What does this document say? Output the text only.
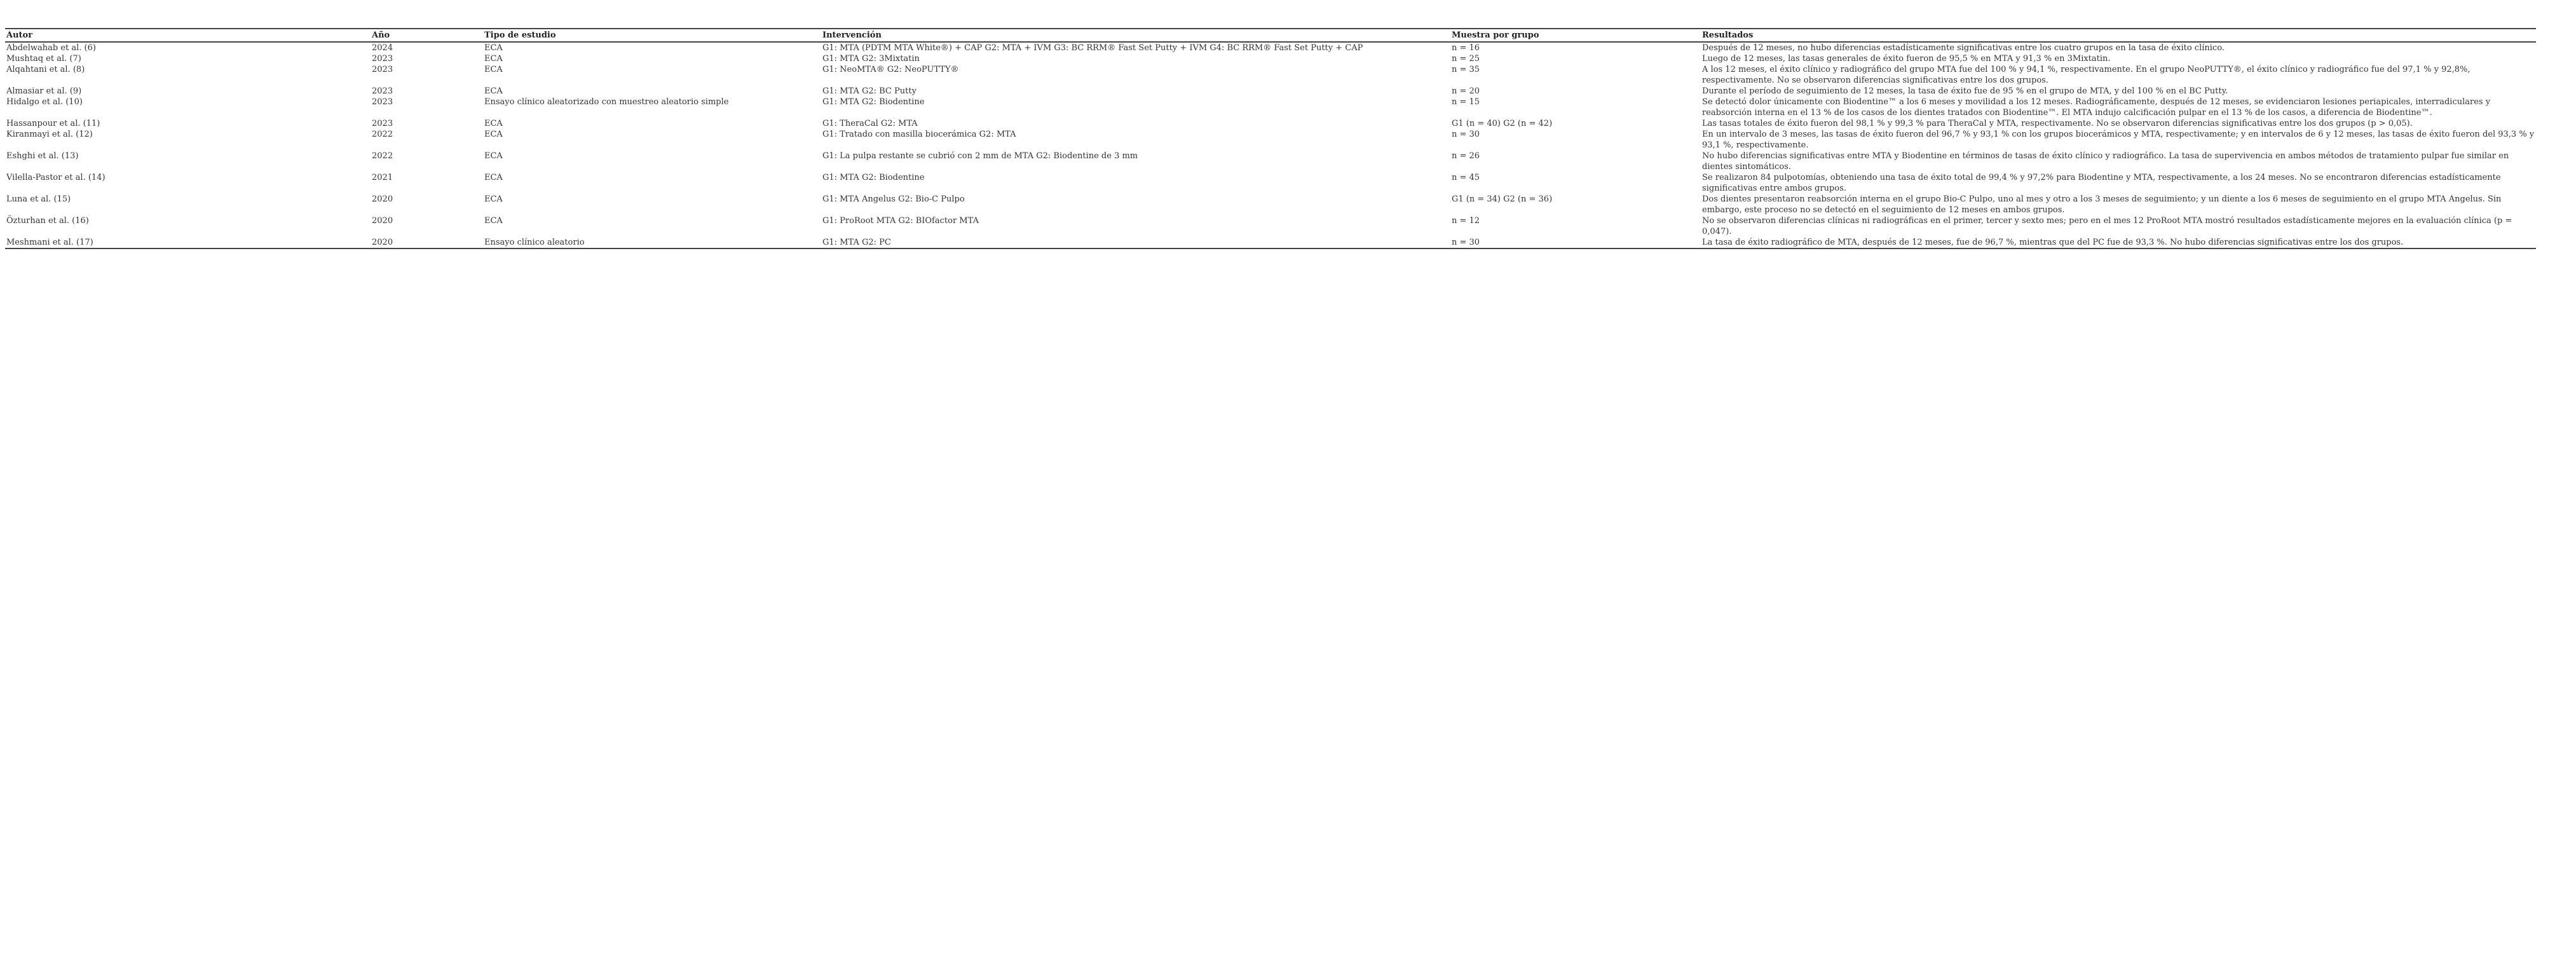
Autor	Año	Tipo de estudio	Intervención	Muestra por grupo	Resultados
Abdelwahab et al. (6)	2024	ECA	G1: MTA (PDTM MTA White®) + CAP G2: MTA + IVM G3: BC RRM® Fast Set Putty + IVM G4: BC RRM® Fast Set Putty + CAP	n = 16	Después de 12 meses, no hubo diferencias estadísticamente significativas entre los cuatro grupos en la tasa de éxito clínico.
Mushtaq et al. (7)	2023	ECA	G1: MTA G2: 3Mixtatin	n = 25	Luego de 12 meses, las tasas generales de éxito fueron de 95,5 % en MTA y 91,3 % en 3Mixtatin.
Alqahtani et al. (8)	2023	ECA	G1: NeoMTA® G2: NeoPUTTY®	n = 35	A los 12 meses, el éxito clínico y radiográfico del grupo MTA fue del 100 % y 94,1 %, respectivamente. En el grupo NeoPUTTY®, el éxito clínico y radiográfico fue del 97,1 % y 92,8%, respectivamente. No se observaron diferencias significativas entre los dos grupos.
Almasiar et al. (9)	2023	ECA	G1: MTA G2: BC Putty	n = 20	Durante el período de seguimiento de 12 meses, la tasa de éxito fue de 95 % en el grupo de MTA, y del 100 % en el BC Putty.
Hidalgo et al. (10)	2023	Ensayo clínico aleatorizado con muestreo aleatorio simple	G1: MTA G2: Biodentine	n = 15	Se detectó dolor únicamente con Biodentine™ a los 6 meses y movilidad a los 12 meses. Radiográficamente, después de 12 meses, se evidenciaron lesiones periapicales, interradiculares y reabsorción interna en el 13 % de los casos de los dientes tratados con Biodentine™. El MTA indujo calcificación pulpar en el 13 % de los casos, a diferencia de Biodentine™.
Hassanpour et al. (11)	2023	ECA	G1: TheraCal G2: MTA	G1 (n = 40) G2 (n = 42)	Las tasas totales de éxito fueron del 98,1 % y 99,3 % para TheraCal y MTA, respectivamente. No se observaron diferencias significativas entre los dos grupos (p > 0,05).
Kiranmayi et al. (12)	2022	ECA	G1: Tratado con masilla biocerámica G2: MTA	n = 30	En un intervalo de 3 meses, las tasas de éxito fueron del 96,7 % y 93,1 % con los grupos biocerámicos y MTA, respectivamente; y en intervalos de 6 y 12 meses, las tasas de éxito fueron del 93,3 % y 93,1 %, respectivamente.
Eshghi et al. (13)	2022	ECA	G1: La pulpa restante se cubrió con 2 mm de MTA G2: Biodentine de 3 mm	n = 26	No hubo diferencias significativas entre MTA y Biodentine en términos de tasas de éxito clínico y radiográfico. La tasa de supervivencia en ambos métodos de tratamiento pulpar fue similar en dientes sintomáticos.
Vilella-Pastor et al. (14)	2021	ECA	G1: MTA G2: Biodentine	n = 45	Se realizaron 84 pulpotomías, obteniendo una tasa de éxito total de 99,4 % y 97,2% para Biodentine y MTA, respectivamente, a los 24 meses. No se encontraron diferencias estadísticamente significativas entre ambos grupos.
Luna et al. (15)	2020	ECA	G1: MTA Angelus G2: Bio-C Pulpo	G1 (n = 34) G2 (n = 36)	Dos dientes presentaron reabsorción interna en el grupo Bio-C Pulpo, uno al mes y otro a los 3 meses de seguimiento; y un diente a los 6 meses de seguimiento en el grupo MTA Angelus. Sin embargo, este proceso no se detectó en el seguimiento de 12 meses en ambos grupos.
Özturhan et al. (16)	2020	ECA	G1: ProRoot MTA G2: BIOfactor MTA	n = 12	No se observaron diferencias clínicas ni radiográficas en el primer, tercer y sexto mes; pero en el mes 12 ProRoot MTA mostró resultados estadísticamente mejores en la evaluación clínica (p = 0,047).
Meshmani et al. (17)	2020	Ensayo clínico aleatorio	G1: MTA G2: PC	n = 30	La tasa de éxito radiográfico de MTA, después de 12 meses, fue de 96,7 %, mientras que del PC fue de 93,3 %. No hubo diferencias significativas entre los dos grupos.
